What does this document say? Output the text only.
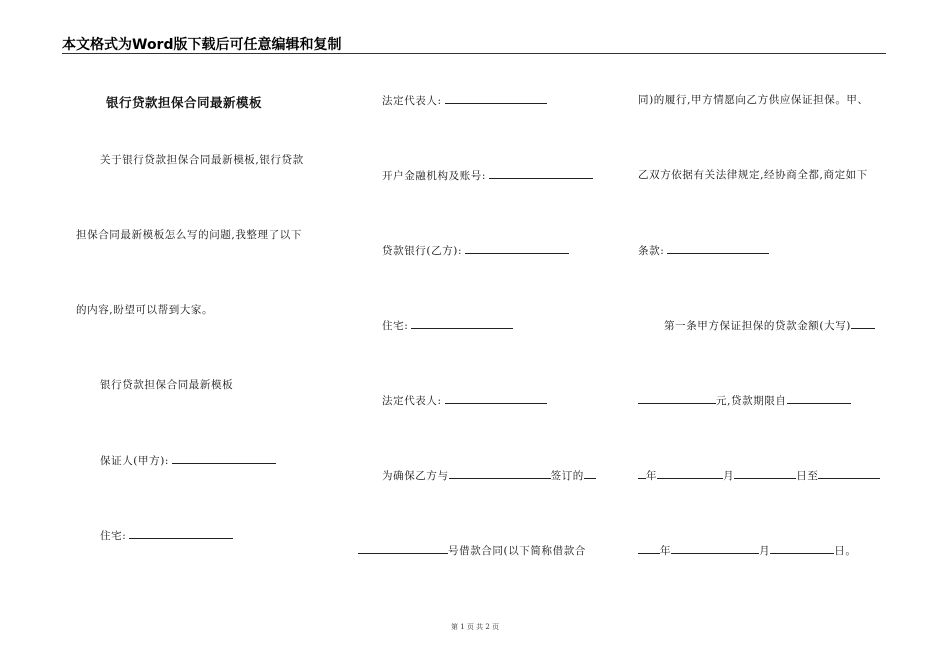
本文格式为Word版下载后可任意编辑和复制
银行贷款担保合同最新模板
关于银行贷款担保合同最新模板,银行贷款
担保合同最新模板怎么写的问题,我整理了以下
的内容,盼望可以帮到大家。
银行贷款担保合同最新模板
保证人(甲方):
住宅:
法定代表人:
开户金融机构及账号:
贷款银行(乙方):
住宅:
法定代表人:
为确保乙方与	签订的
号借款合同(以下简称借款合
同)的履行,甲方情愿向乙方供应保证担保。甲、
乙双方依据有关法律规定,经协商全都,商定如下
条款:
第一条甲方保证担保的贷款金额(大写)
元,贷款期限自
年	月	日至
年	月	日。
第 1 页 共 2 页
